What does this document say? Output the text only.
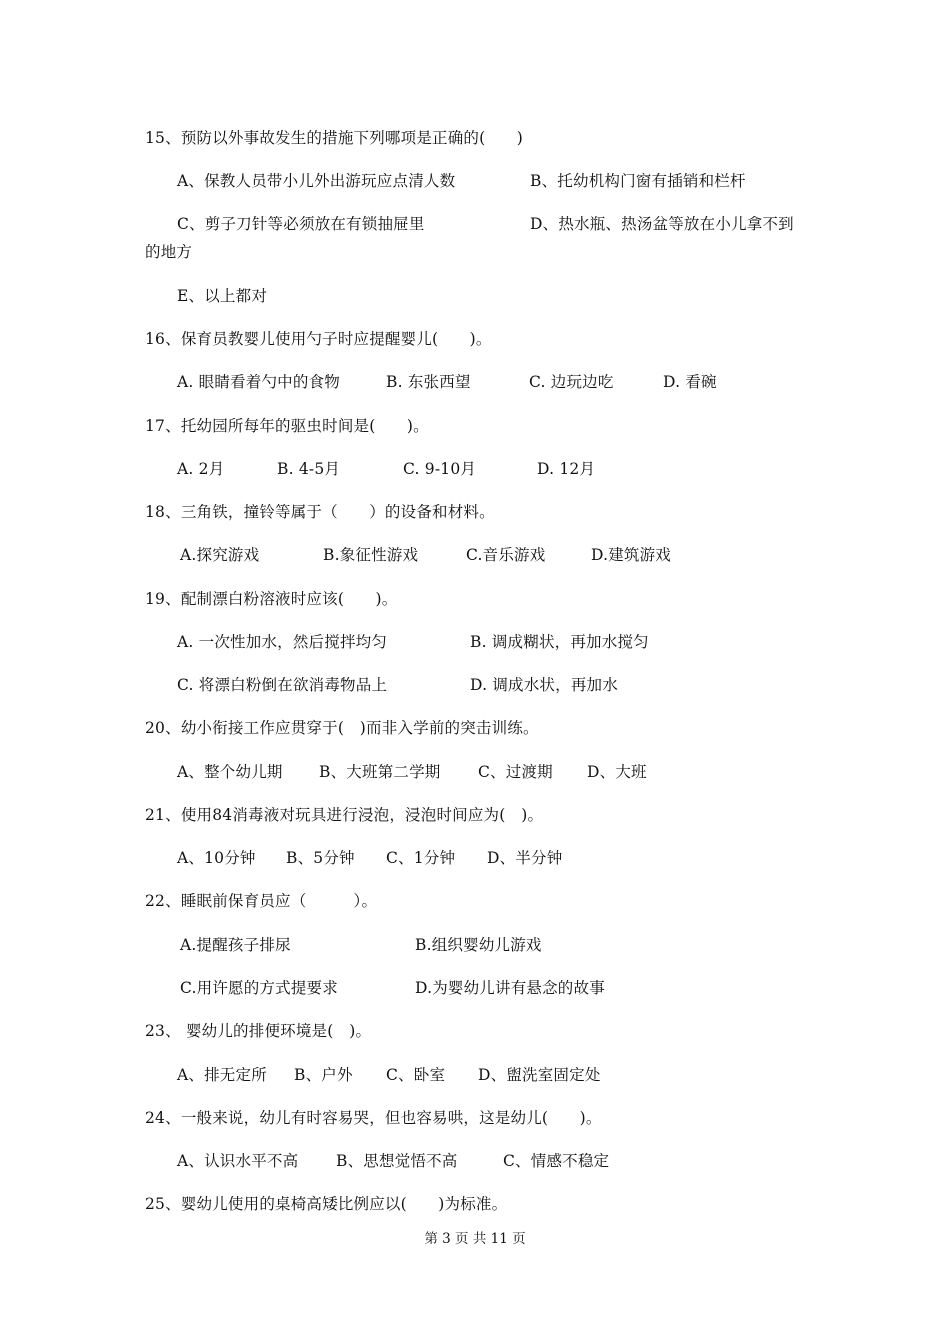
15、预防以外事故发生的措施下列哪项是正确的(　　)
A、保教人员带小儿外出游玩应点清人数	B、托幼机构门窗有插销和栏杆
C、剪子刀针等必须放在有锁抽屉里	D、热水瓶、热汤盆等放在小儿拿不到
的地方
E、以上都对
16、保育员教婴儿使用勺子时应提醒婴儿(　　)。
A. 眼睛看着勺中的食物	B. 东张西望	C. 边玩边吃	D. 看碗
17、托幼园所每年的驱虫时间是(　　)。
A. 2月	B. 4-5月	C. 9-10月	D. 12月
18、三角铁，撞铃等属于（　　）的设备和材料。
A.探究游戏	B.象征性游戏	C.音乐游戏	D.建筑游戏
19、配制漂白粉溶液时应该(　　)。
A. 一次性加水，然后搅拌均匀	B. 调成糊状，再加水搅匀
C. 将漂白粉倒在欲消毒物品上	D. 调成水状，再加水
20、幼小衔接工作应贯穿于(　)而非入学前的突击训练。
A、整个幼儿期 B、大班第二学期 C、过渡期 D、大班
21、使用84消毒液对玩具进行浸泡，浸泡时间应为(　)。
A、10分钟 B、5分钟 C、1分钟 D、半分钟
22、睡眠前保育员应（　　　）。
A.提醒孩子排尿	B.组织婴幼儿游戏
C.用许愿的方式提要求	D.为婴幼儿讲有悬念的故事
23、 婴幼儿的排便环境是(　)。
A、排无定所 B、户外 C、卧室 D、盥洗室固定处
24、一般来说，幼儿有时容易哭，但也容易哄，这是幼儿(　　)。
A、认识水平不高 B、思想觉悟不高	C、情感不稳定
25、婴幼儿使用的桌椅高矮比例应以(　　)为标准。
第 3 页 共 11 页
